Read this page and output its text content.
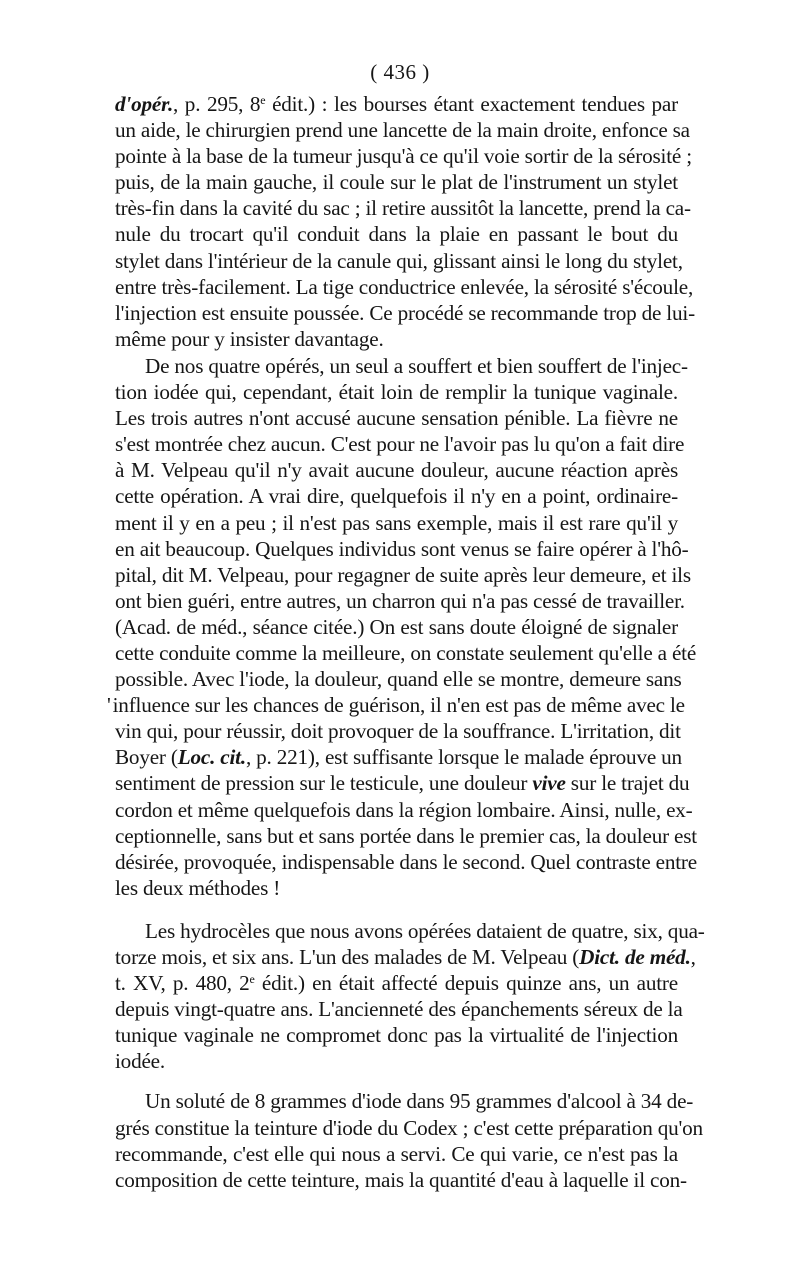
( 436 )
d'opér., p. 295, 8e édit.) : les bourses étant exactement tendues par
un aide, le chirurgien prend une lancette de la main droite, enfonce sa
pointe à la base de la tumeur jusqu'à ce qu'il voie sortir de la sérosité ;
puis, de la main gauche, il coule sur le plat de l'instrument un stylet
très-fin dans la cavité du sac ; il retire aussitôt la lancette, prend la ca-
nule du trocart qu'il conduit dans la plaie en passant le bout du
stylet dans l'intérieur de la canule qui, glissant ainsi le long du stylet,
entre très-facilement. La tige conductrice enlevée, la sérosité s'écoule,
l'injection est ensuite poussée. Ce procédé se recommande trop de lui-
même pour y insister davantage.
De nos quatre opérés, un seul a souffert et bien souffert de l'injec-
tion iodée qui, cependant, était loin de remplir la tunique vaginale.
Les trois autres n'ont accusé aucune sensation pénible. La fièvre ne
s'est montrée chez aucun. C'est pour ne l'avoir pas lu qu'on a fait dire
à M. Velpeau qu'il n'y avait aucune douleur, aucune réaction après
cette opération. A vrai dire, quelquefois il n'y en a point, ordinaire-
ment il y en a peu ; il n'est pas sans exemple, mais il est rare qu'il y
en ait beaucoup. Quelques individus sont venus se faire opérer à l'hô-
pital, dit M. Velpeau, pour regagner de suite après leur demeure, et ils
ont bien guéri, entre autres, un charron qui n'a pas cessé de travailler.
(Acad. de méd., séance citée.) On est sans doute éloigné de signaler
cette conduite comme la meilleure, on constate seulement qu'elle a été
possible. Avec l'iode, la douleur, quand elle se montre, demeure sans
'influence sur les chances de guérison, il n'en est pas de même avec le
vin qui, pour réussir, doit provoquer de la souffrance. L'irritation, dit
Boyer (Loc. cit., p. 221), est suffisante lorsque le malade éprouve un
sentiment de pression sur le testicule, une douleur vive sur le trajet du
cordon et même quelquefois dans la région lombaire. Ainsi, nulle, ex-
ceptionnelle, sans but et sans portée dans le premier cas, la douleur est
désirée, provoquée, indispensable dans le second. Quel contraste entre
les deux méthodes !
Les hydrocèles que nous avons opérées dataient de quatre, six, qua-
torze mois, et six ans. L'un des malades de M. Velpeau (Dict. de méd.,
t. XV, p. 480, 2e édit.) en était affecté depuis quinze ans, un autre
depuis vingt-quatre ans. L'ancienneté des épanchements séreux de la
tunique vaginale ne compromet donc pas la virtualité de l'injection
iodée.
Un soluté de 8 grammes d'iode dans 95 grammes d'alcool à 34 de-
grés constitue la teinture d'iode du Codex ; c'est cette préparation qu'on
recommande, c'est elle qui nous a servi. Ce qui varie, ce n'est pas la
composition de cette teinture, mais la quantité d'eau à laquelle il con-
